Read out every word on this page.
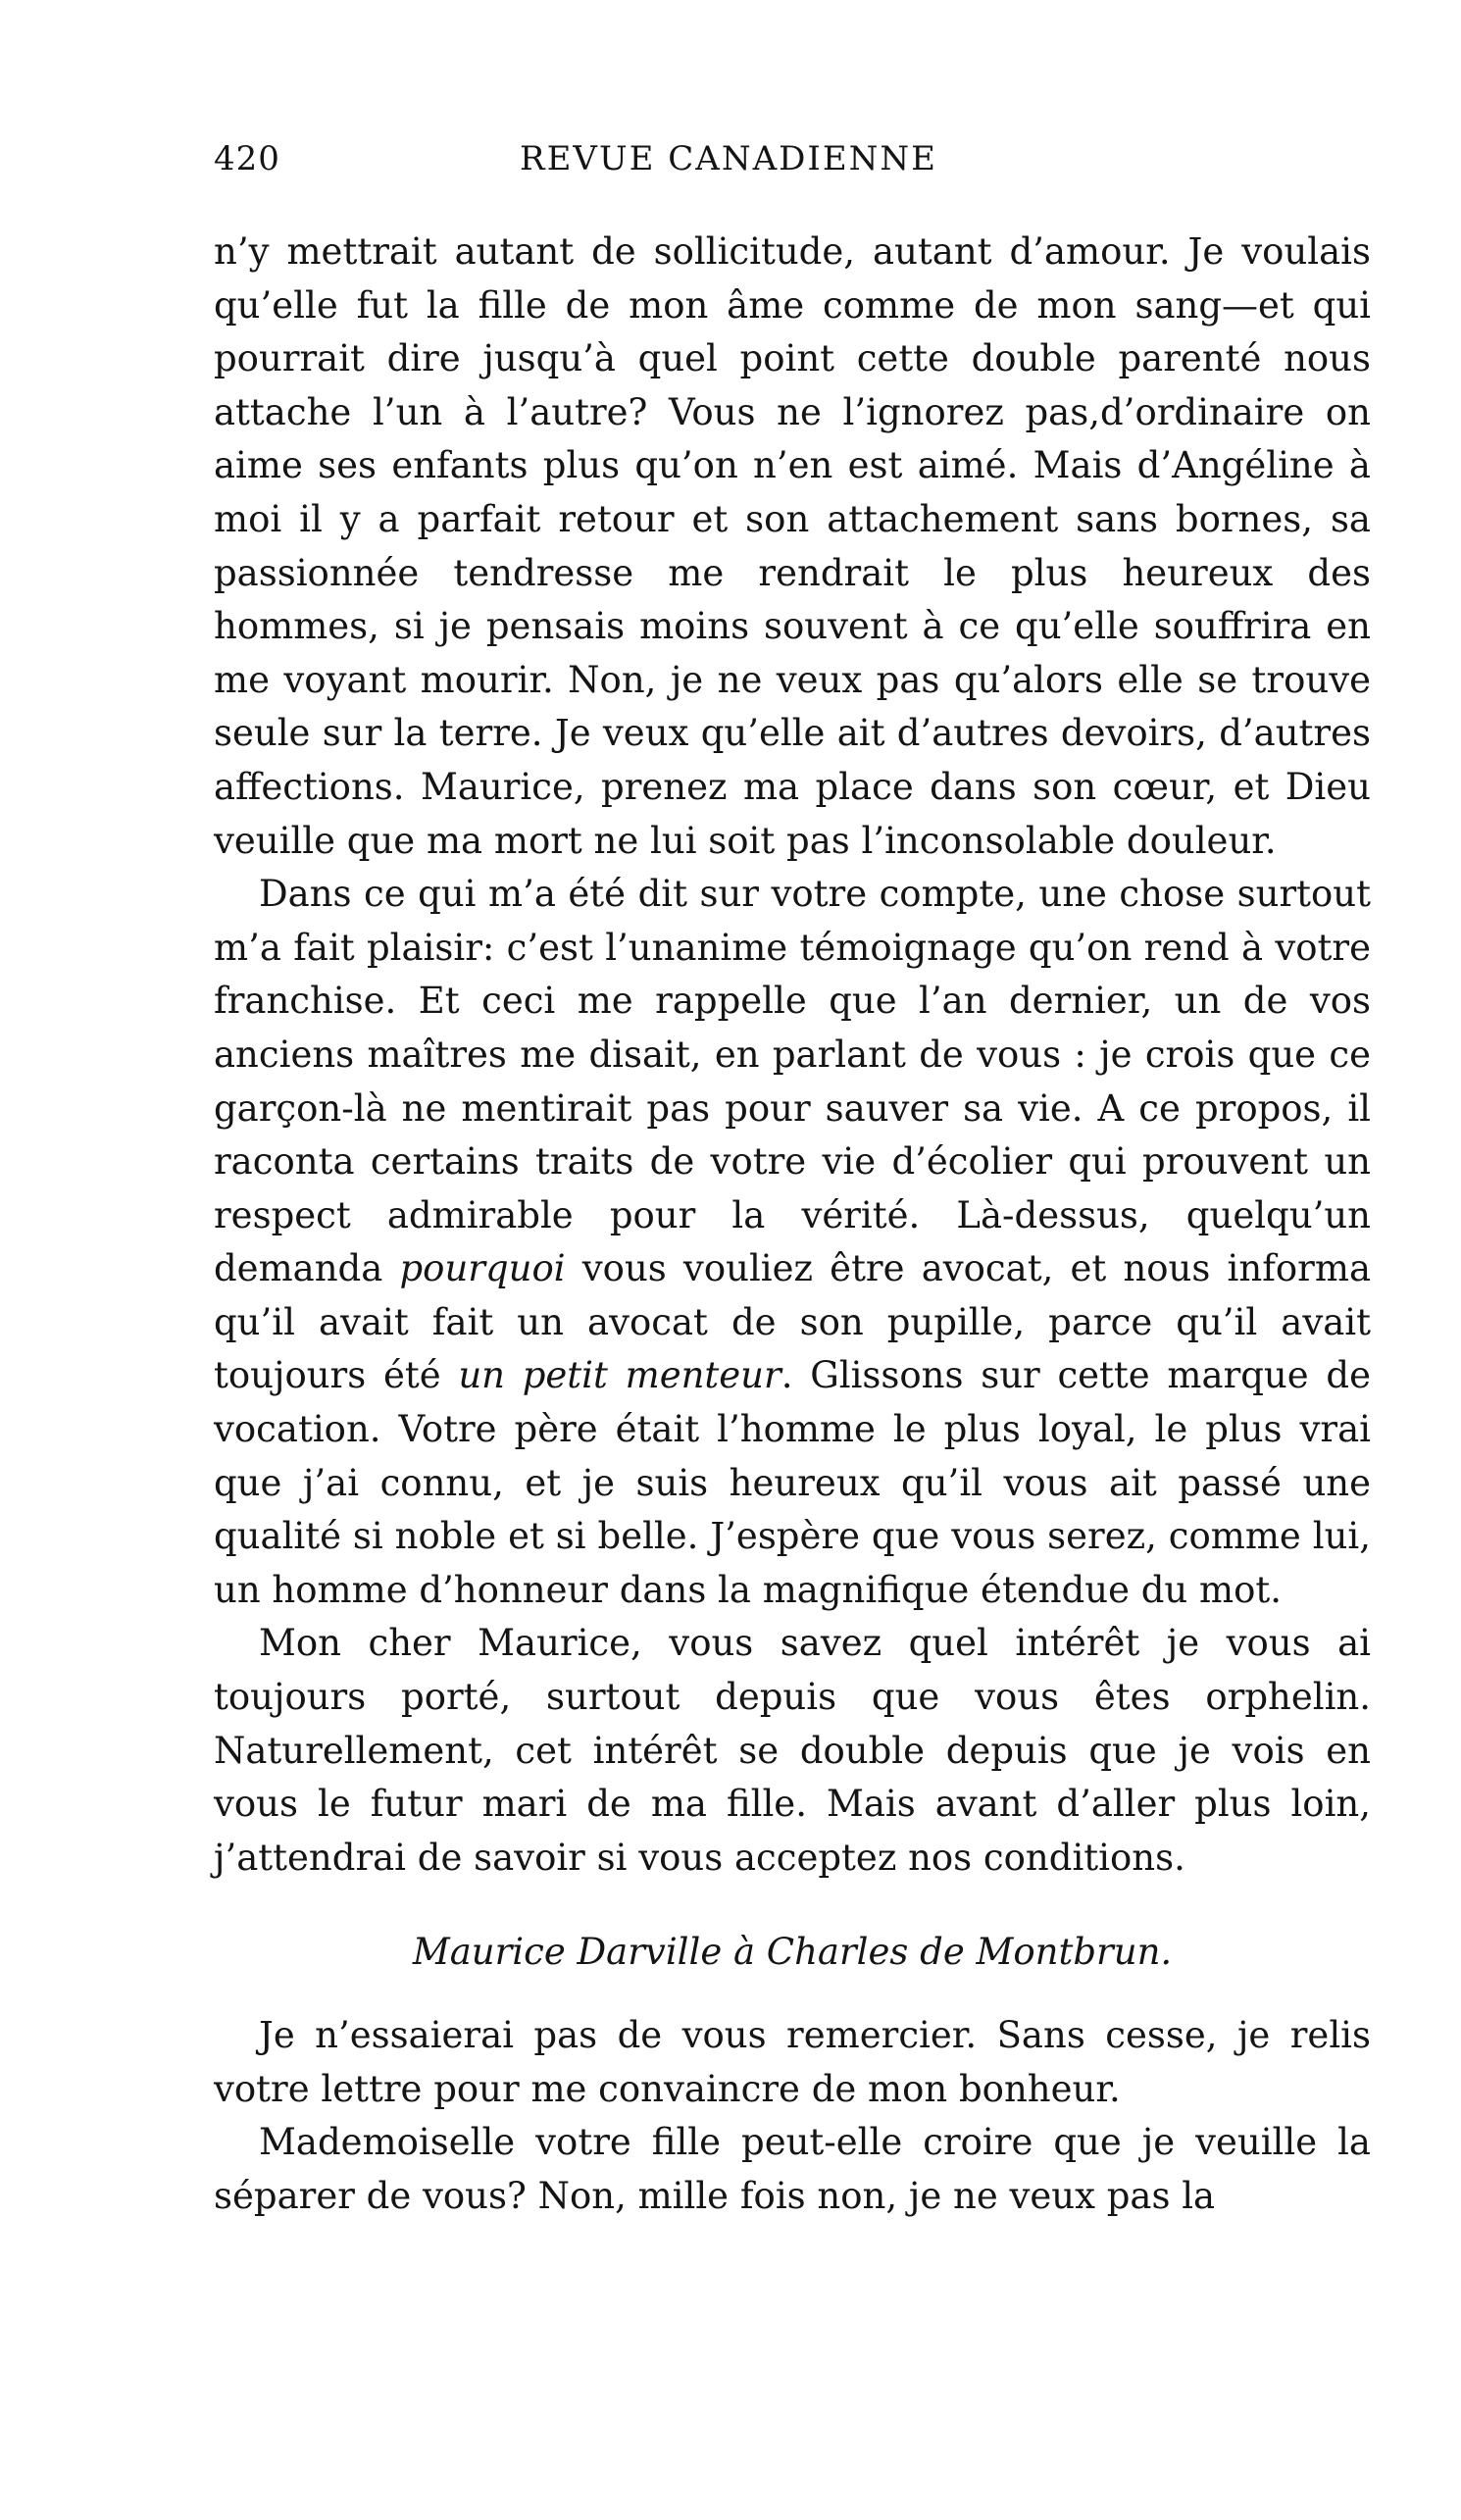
420	REVUE CANADIENNE

n’y mettrait autant de sollicitude, autant d’amour. Je voulais qu’elle fut la fille de mon âme comme de mon sang—et qui pourrait dire jusqu’à quel point cette double parenté nous attache l’un à l’autre? Vous ne l’ignorez pas,d’ordinaire on aime ses enfants plus qu’on n’en est aimé. Mais d’Angéline à moi il y a parfait retour et son attachement sans bornes, sa passionnée tendresse me rendrait le plus heureux des hommes, si je pensais moins souvent à ce qu’elle souffrira en me voyant mourir. Non, je ne veux pas qu’alors elle se trouve seule sur la terre. Je veux qu’elle ait d’autres devoirs, d’autres affections. Maurice, prenez ma place dans son cœur, et Dieu veuille que ma mort ne lui soit pas l’inconsolable douleur.

Dans ce qui m’a été dit sur votre compte, une chose surtout m’a fait plaisir: c’est l’unanime témoignage qu’on rend à votre franchise. Et ceci me rappelle que l’an dernier, un de vos anciens maîtres me disait, en parlant de vous : je crois que ce garçon-là ne mentirait pas pour sauver sa vie. A ce propos, il raconta certains traits de votre vie d’écolier qui prouvent un respect admirable pour la vérité. Là-dessus, quelqu’un demanda pourquoi vous vouliez être avocat, et nous informa qu’il avait fait un avocat de son pupille, parce qu’il avait toujours été un petit menteur. Glissons sur cette marque de vocation. Votre père était l’homme le plus loyal, le plus vrai que j’ai connu, et je suis heureux qu’il vous ait passé une qualité si noble et si belle. J’espère que vous serez, comme lui, un homme d’honneur dans la magnifique étendue du mot.

Mon cher Maurice, vous savez quel intérêt je vous ai toujours porté, surtout depuis que vous êtes orphelin. Naturellement, cet intérêt se double depuis que je vois en vous le futur mari de ma fille. Mais avant d’aller plus loin, j’attendrai de savoir si vous acceptez nos conditions.

Maurice Darville à Charles de Montbrun.

Je n’essaierai pas de vous remercier. Sans cesse, je relis votre lettre pour me convaincre de mon bonheur.

Mademoiselle votre fille peut-elle croire que je veuille la séparer de vous? Non, mille fois non, je ne veux pas la
